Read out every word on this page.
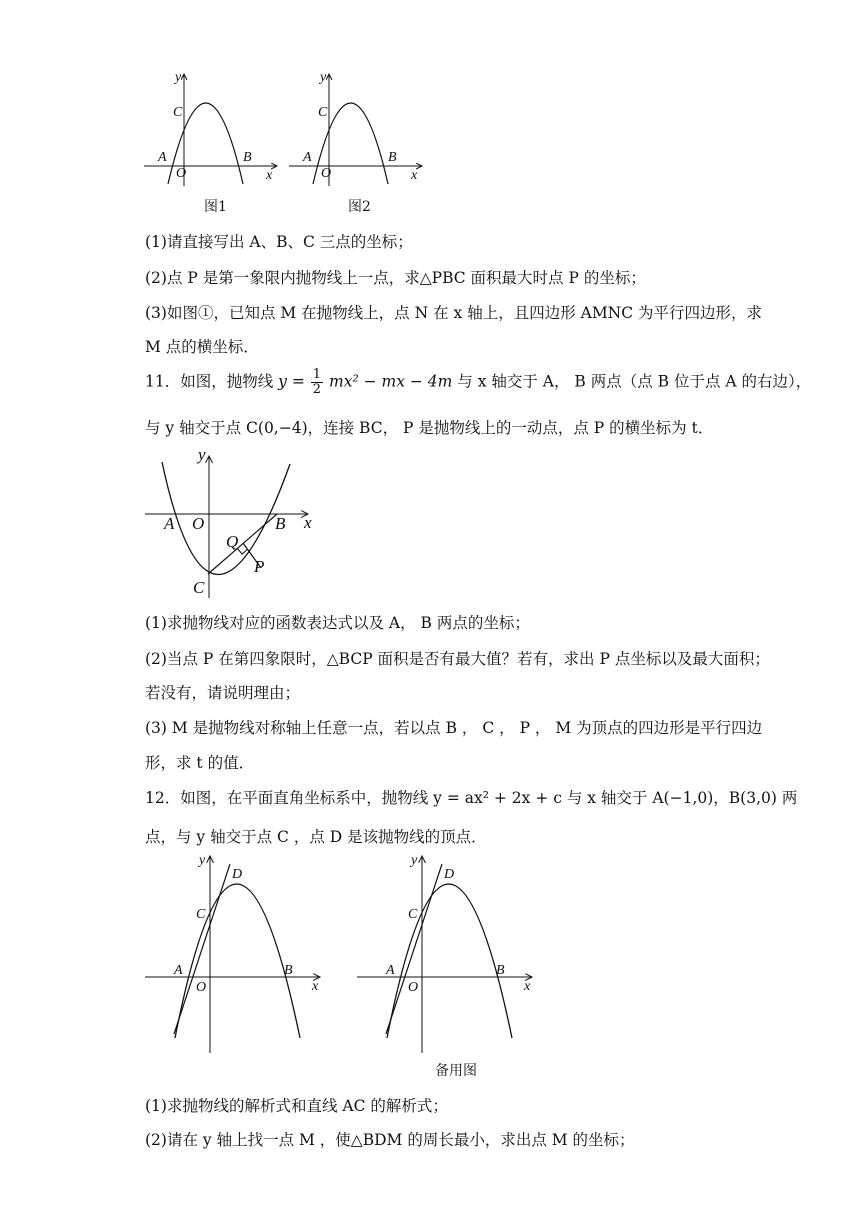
y
x
C
A
O
B
图1
y
x
C
A
O
B
图2
(1)请直接写出 A、B、C 三点的坐标；
(2)点 P 是第一象限内抛物线上一点，求△PBC 面积最大时点 P 的坐标；
(3)如图①，已知点 M 在抛物线上，点 N 在 x 轴上，且四边形 AMNC 为平行四边形，求
M 点的横坐标．
11．如图，抛物线 $y = \frac{1}{2} mx^2$ − mx − 4m 与 x 轴交于 A， B 两点（点 B 位于点 A 的右边），
与 y 轴交于点 C(0,−4)，连接 BC， P 是抛物线上的一动点，点 P 的横坐标为 t．
y
x
A O	B
Q
C
P
(1)求抛物线对应的函数表达式以及 A， B 两点的坐标；
(2)当点 P 在第四象限时，△BCP 面积是否有最大值？若有，求出 P 点坐标以及最大面积；
若没有，请说明理由；
(3) M 是抛物线对称轴上任意一点，若以点 B ， C ， P ， M 为顶点的四边形是平行四边
形，求 t 的值．
12．如图，在平面直角坐标系中，抛物线 y = ax² + 2x + c 与 x 轴交于 A(−1,0)，B(3,0) 两
点，与 y 轴交于点 C ，点 D 是该抛物线的顶点．
y
x
D
C
A
O
B
y
x
D
C
A
O
B
备用图
(1)求抛物线的解析式和直线 AC 的解析式；
(2)请在 y 轴上找一点 M ，使△BDM 的周长最小，求出点 M 的坐标；
